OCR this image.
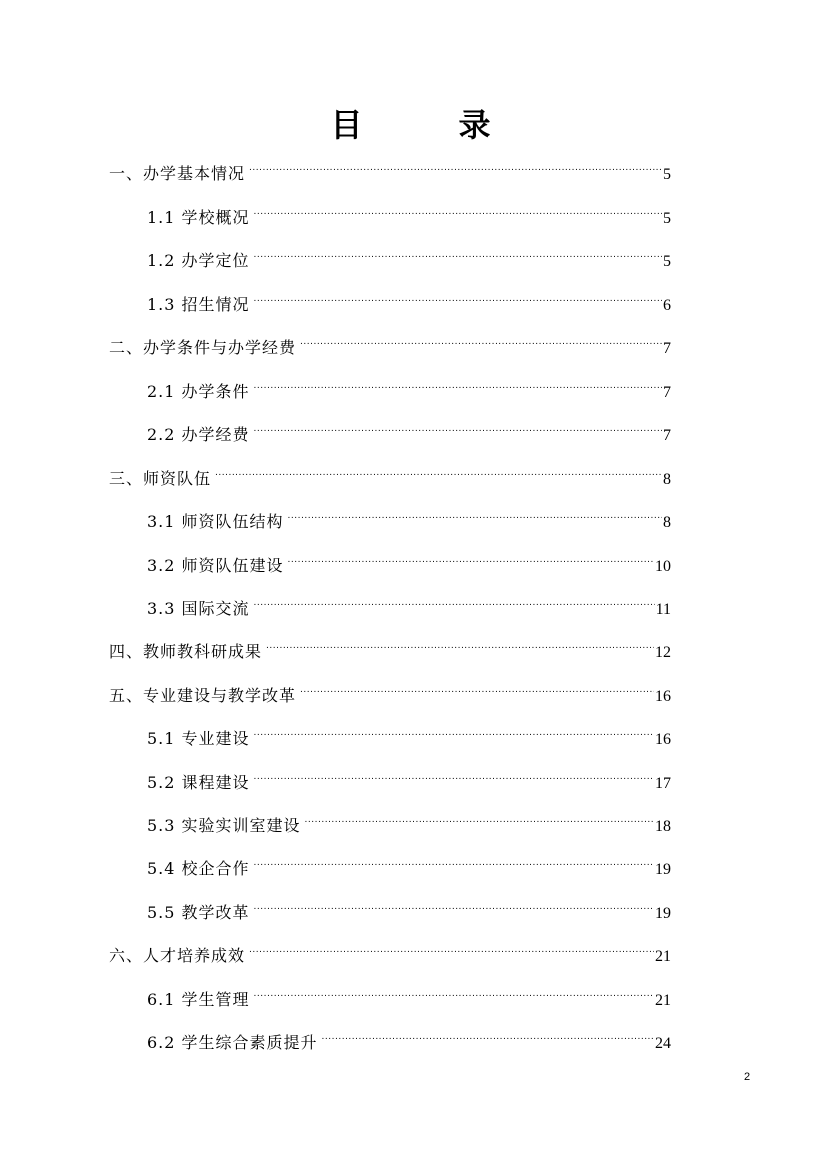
目　录
一、办学基本情况 .....	5
1.1 学校概况 .....	5
1.2 办学定位 .....	5
1.3 招生情况 .....	6
二、办学条件与办学经费 .....	7
2.1 办学条件 .....	7
2.2 办学经费 .....	7
三、师资队伍 .....	8
3.1 师资队伍结构 .....	8
3.2 师资队伍建设 .....	10
3.3 国际交流 .....	11
四、教师教科研成果 .....	12
五、专业建设与教学改革 .....	16
5.1 专业建设 .....	16
5.2 课程建设 .....	17
5.3 实验实训室建设 .....	18
5.4 校企合作 .....	19
5.5 教学改革 .....	19
六、人才培养成效 .....	21
6.1 学生管理 .....	21
6.2 学生综合素质提升 .....	24
2
